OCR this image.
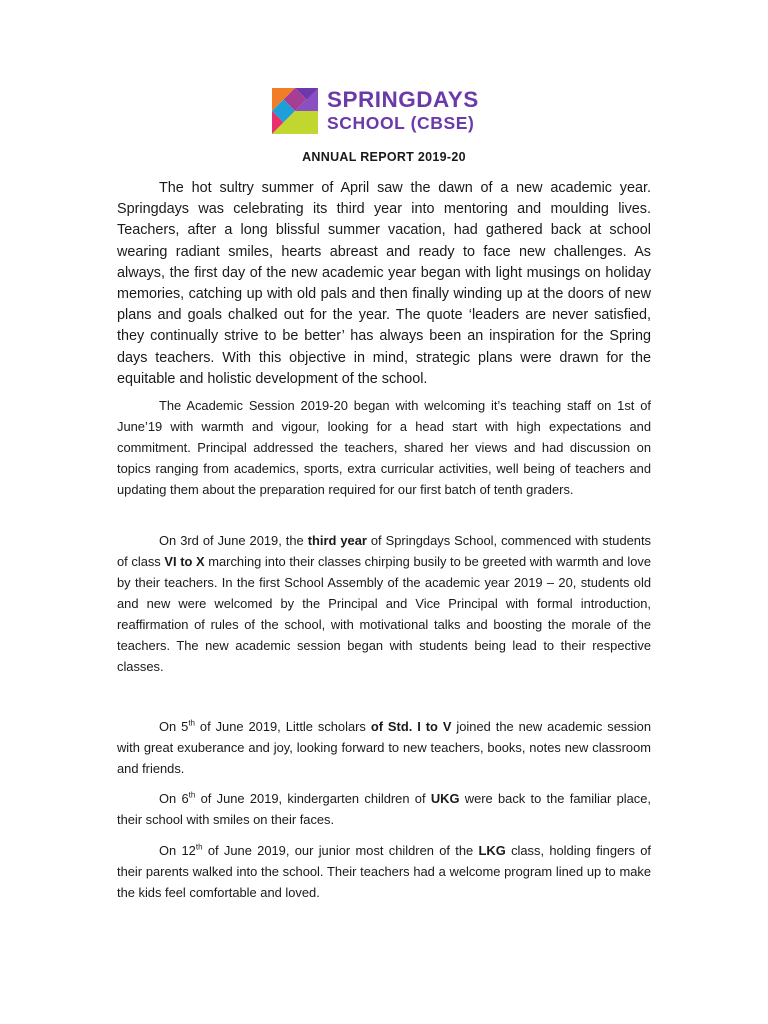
SPRINGDAYS
SCHOOL (CBSE)
ANNUAL REPORT 2019-20
The hot sultry summer of April saw the dawn of a new academic year. Springdays was celebrating its third year into mentoring and moulding lives. Teachers, after a long blissful summer vacation, had gathered back at school wearing radiant smiles, hearts abreast and ready to face new challenges. As always, the first day of the new academic year began with light musings on holiday memories, catching up with old pals and then finally winding up at the doors of new plans and goals chalked out for the year. The quote ‘leaders are never satisfied, they continually strive to be better’ has always been an inspiration for the Spring days teachers. With this objective in mind, strategic plans were drawn for the equitable and holistic development of the school.
The Academic Session 2019-20 began with welcoming it’s teaching staff on 1st of June’19 with warmth and vigour, looking for a head start with high expectations and commitment. Principal addressed the teachers, shared her views and had discussion on topics ranging from academics, sports, extra curricular activities, well being of teachers and updating them about the preparation required for our first batch of tenth graders.
On 3rd of June 2019, the third year of Springdays School, commenced with students of class VI to X marching into their classes chirping busily to be greeted with warmth and love by their teachers. In the first School Assembly of the academic year 2019 – 20, students old and new were welcomed by the Principal and Vice Principal with formal introduction, reaffirmation of rules of the school, with motivational talks and boosting the morale of the teachers. The new academic session began with students being lead to their respective classes.
On 5th of June 2019, Little scholars of Std. I to V joined the new academic session with great exuberance and joy, looking forward to new teachers, books, notes new classroom and friends.
On 6th of June 2019, kindergarten children of UKG were back to the familiar place, their school with smiles on their faces.
On 12th of June 2019, our junior most children of the LKG class, holding fingers of their parents walked into the school. Their teachers had a welcome program lined up to make the kids feel comfortable and loved.
